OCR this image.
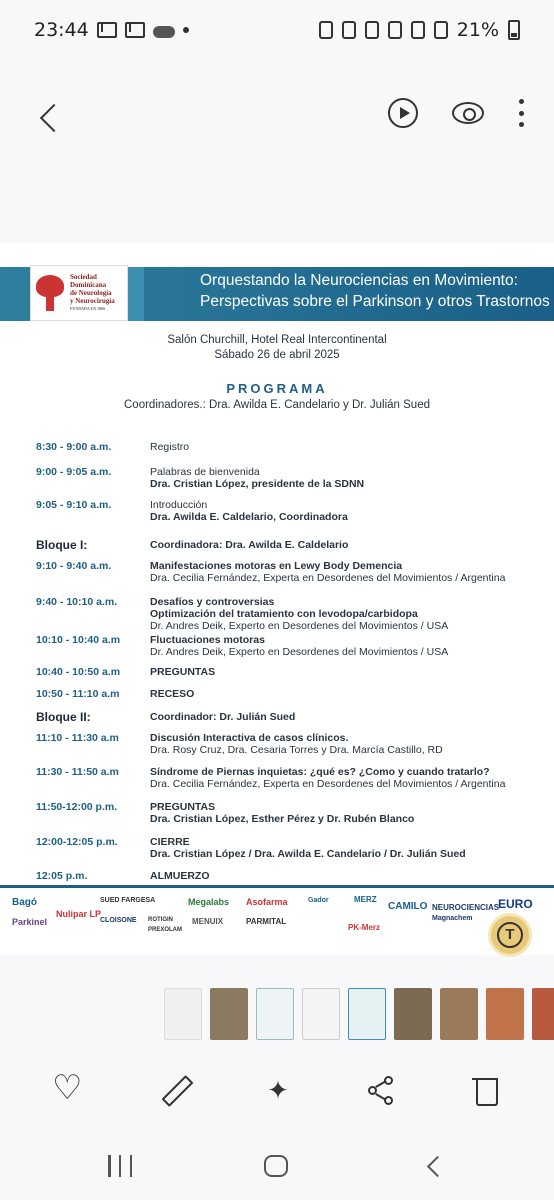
23:44	21%
Sociedad
Dominicana
de Neurología
y Neurocirugía
FUNDADA EN 1966
Orquestando la Neurociencias en Movimiento:
Perspectivas sobre el Parkinson y otros Trastornos
Salón Churchill, Hotel Real Intercontinental
Sábado 26 de abril 2025
PROGRAMA
Coordinadores.: Dra. Awilda E. Candelario y Dr. Julián Sued
8:30 - 9:00 a.m.	Registro
9:00 - 9:05 a.m.	Palabras de bienvenida
Dra. Cristian López, presidente de la SDNN
9:05 - 9:10 a.m.	Introducción
Dra. Awilda E. Caldelario, Coordinadora
Bloque I:	Coordinadora: Dra. Awilda E. Caldelario
9:10 - 9:40 a.m.	Manifestaciones motoras en Lewy Body Demencia
Dra. Cecilia Fernández, Experta en Desordenes del Movimientos / Argentina
9:40 - 10:10 a.m.	Desafíos y controversias
Optimización del tratamiento con levodopa/carbidopa
Dr. Andres Deik, Experto en Desordenes del Movimientos / USA
10:10 - 10:40 a.m	Fluctuaciones motoras
Dr. Andres Deik, Experto en Desordenes del Movimientos / USA
10:40 - 10:50 a.m	PREGUNTAS
10:50 - 11:10 a.m	RECESO
Bloque II:	Coordinador: Dr. Julián Sued
11:10 - 11:30 a.m	Discusión Interactiva de casos clínicos.
Dra. Rosy Cruz, Dra. Cesaria Torres y Dra. Marcía Castillo, RD
11:30 - 11:50 a.m	Síndrome de Piernas inquietas: ¿qué es? ¿Como y cuando tratarlo?
Dra. Cecilia Fernández, Experta en Desordenes del Movimientos / Argentina
11:50-12:00 p.m.	PREGUNTAS
Dra. Cristian López, Esther Pérez y Dr. Rubén Blanco
12:00-12:05 p.m.	CIERRE
Dra. Cristian López / Dra. Awilda E. Candelario / Dr. Julián Sued
12:05 p.m.	ALMUERZO
Bagó
Parkinel
Nulipar LP
SUED FARGESA
CLOISONE ROTIGIN
PREXOLAM
Megalabs
MENUIX
Asofarma
PARMITAL
Gador	MERZ
PK-Merz
CAMILO NEUROCIENCIAS
Magnachem
EURO
T
♡
✦
